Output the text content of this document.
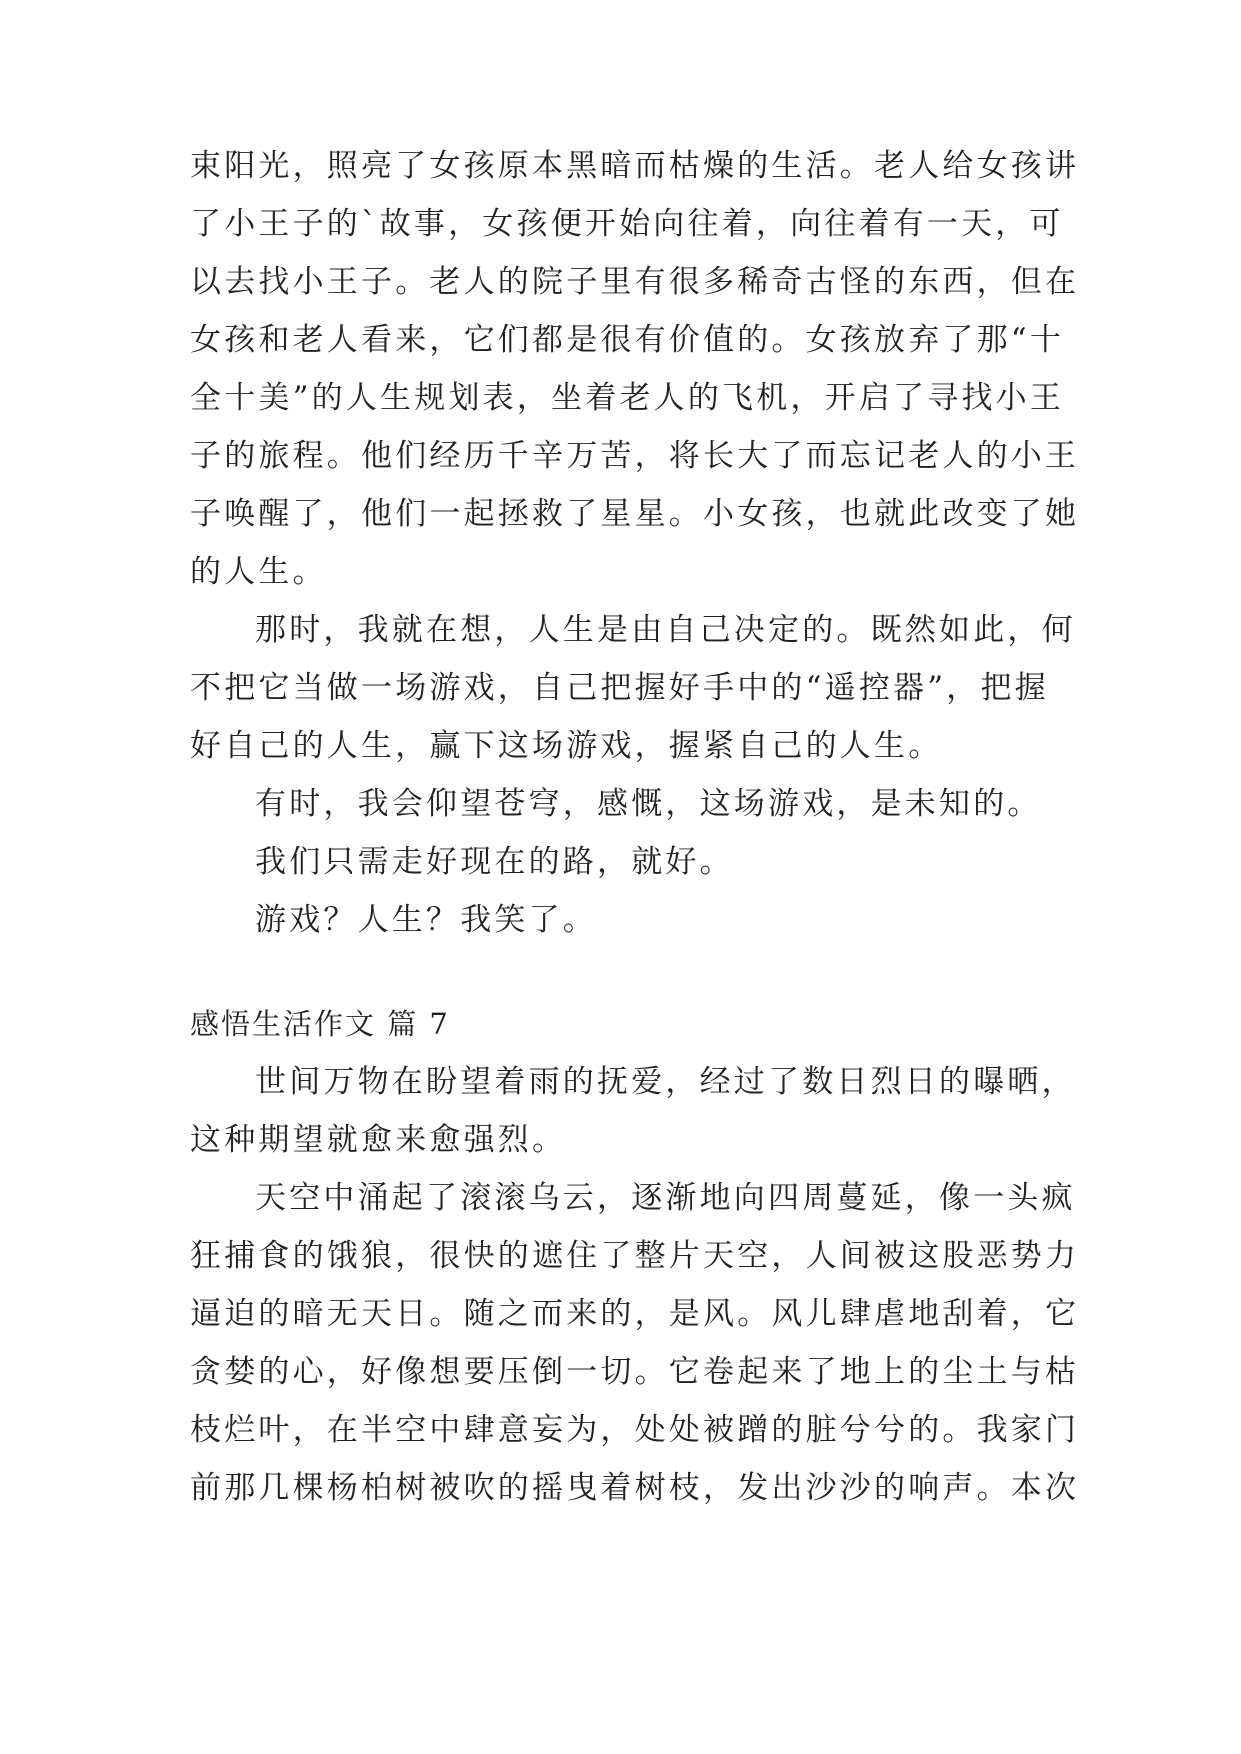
束阳光，照亮了女孩原本黑暗而枯燥的生活。老人给女孩讲
了小王子的`故事，女孩便开始向往着，向往着有一天，可
以去找小王子。老人的院子里有很多稀奇古怪的东西，但在
女孩和老人看来，它们都是很有价值的。女孩放弃了那“十
全十美”的人生规划表，坐着老人的飞机，开启了寻找小王
子的旅程。他们经历千辛万苦，将长大了而忘记老人的小王
子唤醒了，他们一起拯救了星星。小女孩，也就此改变了她
的人生。
那时，我就在想，人生是由自己决定的。既然如此，何
不把它当做一场游戏，自己把握好手中的“遥控器”，把握
好自己的人生，赢下这场游戏，握紧自己的人生。
有时，我会仰望苍穹，感慨，这场游戏，是未知的。
我们只需走好现在的路，就好。
游戏？人生？我笑了。
感悟生活作文 篇 7
世间万物在盼望着雨的抚爱，经过了数日烈日的曝晒，
这种期望就愈来愈强烈。
天空中涌起了滚滚乌云，逐渐地向四周蔓延，像一头疯
狂捕食的饿狼，很快的遮住了整片天空，人间被这股恶势力
逼迫的暗无天日。随之而来的，是风。风儿肆虐地刮着，它
贪婪的心，好像想要压倒一切。它卷起来了地上的尘土与枯
枝烂叶，在半空中肆意妄为，处处被蹭的脏兮兮的。我家门
前那几棵杨柏树被吹的摇曳着树枝，发出沙沙的响声。本次
